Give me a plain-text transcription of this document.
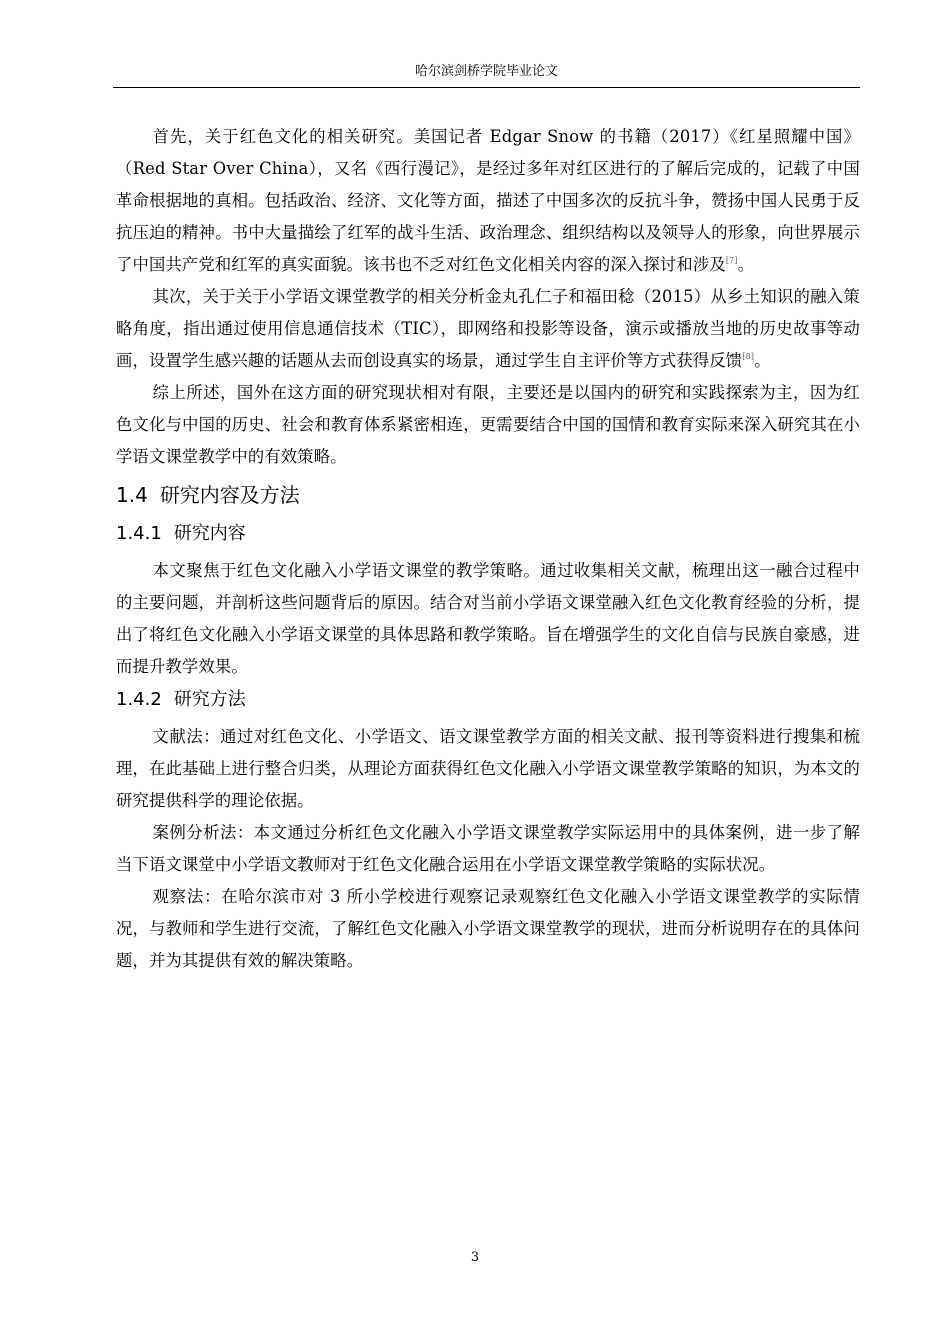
哈尔滨剑桥学院毕业论文

首先，关于红色文化的相关研究。美国记者 Edgar Snow 的书籍（2017）《红星照耀中国》（Red Star Over China），又名《西行漫记》，是经过多年对红区进行的了解后完成的，记载了中国革命根据地的真相。包括政治、经济、文化等方面，描述了中国多次的反抗斗争，赞扬中国人民勇于反抗压迫的精神。书中大量描绘了红军的战斗生活、政治理念、组织结构以及领导人的形象，向世界展示了中国共产党和红军的真实面貌。该书也不乏对红色文化相关内容的深入探讨和涉及[7]。

其次，关于关于小学语文课堂教学的相关分析金丸孔仁子和福田稔（2015）从乡土知识的融入策略角度，指出通过使用信息通信技术（TIC），即网络和投影等设备，演示或播放当地的历史故事等动画，设置学生感兴趣的话题从去而创设真实的场景，通过学生自主评价等方式获得反馈[8]。

综上所述，国外在这方面的研究现状相对有限，主要还是以国内的研究和实践探索为主，因为红色文化与中国的历史、社会和教育体系紧密相连，更需要结合中国的国情和教育实际来深入研究其在小学语文课堂教学中的有效策略。

1.4 研究内容及方法
1.4.1 研究内容

本文聚焦于红色文化融入小学语文课堂的教学策略。通过收集相关文献，梳理出这一融合过程中的主要问题，并剖析这些问题背后的原因。结合对当前小学语文课堂融入红色文化教育经验的分析，提出了将红色文化融入小学语文课堂的具体思路和教学策略。旨在增强学生的文化自信与民族自豪感，进而提升教学效果。

1.4.2 研究方法

文献法：通过对红色文化、小学语文、语文课堂教学方面的相关文献、报刊等资料进行搜集和梳理，在此基础上进行整合归类，从理论方面获得红色文化融入小学语文课堂教学策略的知识，为本文的研究提供科学的理论依据。

案例分析法：本文通过分析红色文化融入小学语文课堂教学实际运用中的具体案例，进一步了解当下语文课堂中小学语文教师对于红色文化融合运用在小学语文课堂教学策略的实际状况。

观察法：在哈尔滨市对 3 所小学校进行观察记录观察红色文化融入小学语文课堂教学的实际情况，与教师和学生进行交流，了解红色文化融入小学语文课堂教学的现状，进而分析说明存在的具体问题，并为其提供有效的解决策略。

3
